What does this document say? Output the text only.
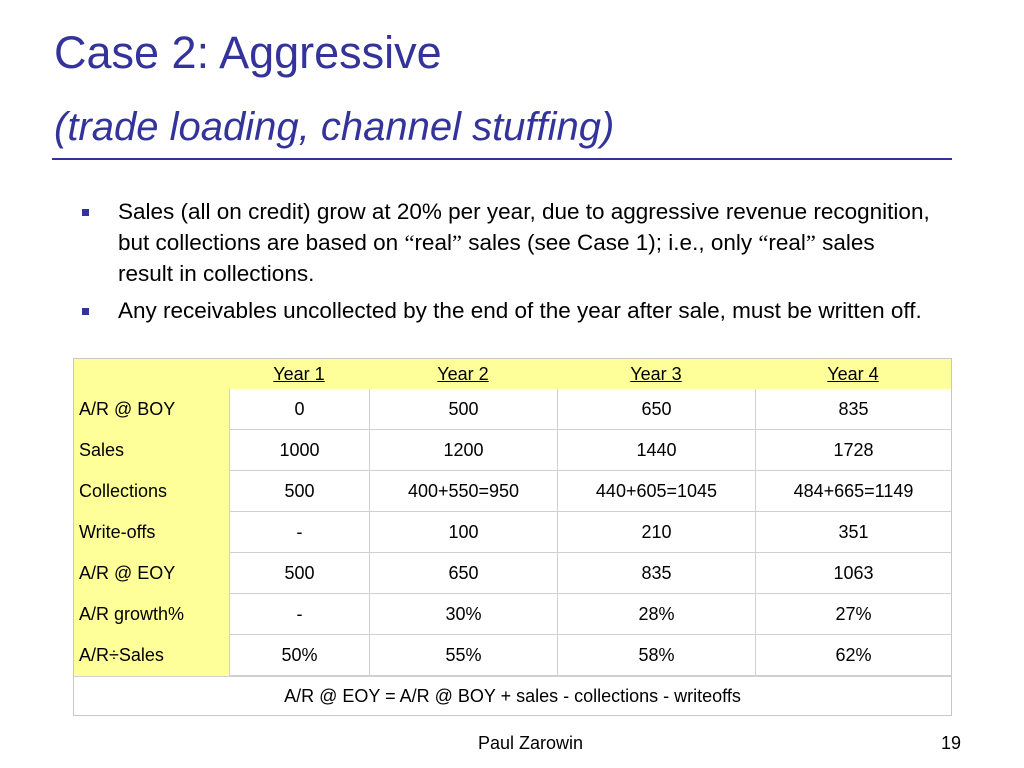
Case 2: Aggressive
(trade loading, channel stuffing)
Sales (all on credit) grow at 20% per year, due to aggressive revenue recognition, but collections are based on “real” sales (see Case 1); i.e., only “real” sales result in collections.
Any receivables uncollected by the end of the year after sale, must be written off.
	Year 1	Year 2	Year 3	Year 4
A/R @ BOY	0	500	650	835
Sales	1000	1200	1440	1728
Collections	500	400+550=950	440+605=1045	484+665=1149
Write-offs	-	100	210	351
A/R @ EOY	500	650	835	1063
A/R growth%	-	30%	28%	27%
A/R÷Sales	50%	55%	58%	62%
A/R @ EOY = A/R @ BOY + sales - collections - writeoffs				
Paul Zarowin	19
